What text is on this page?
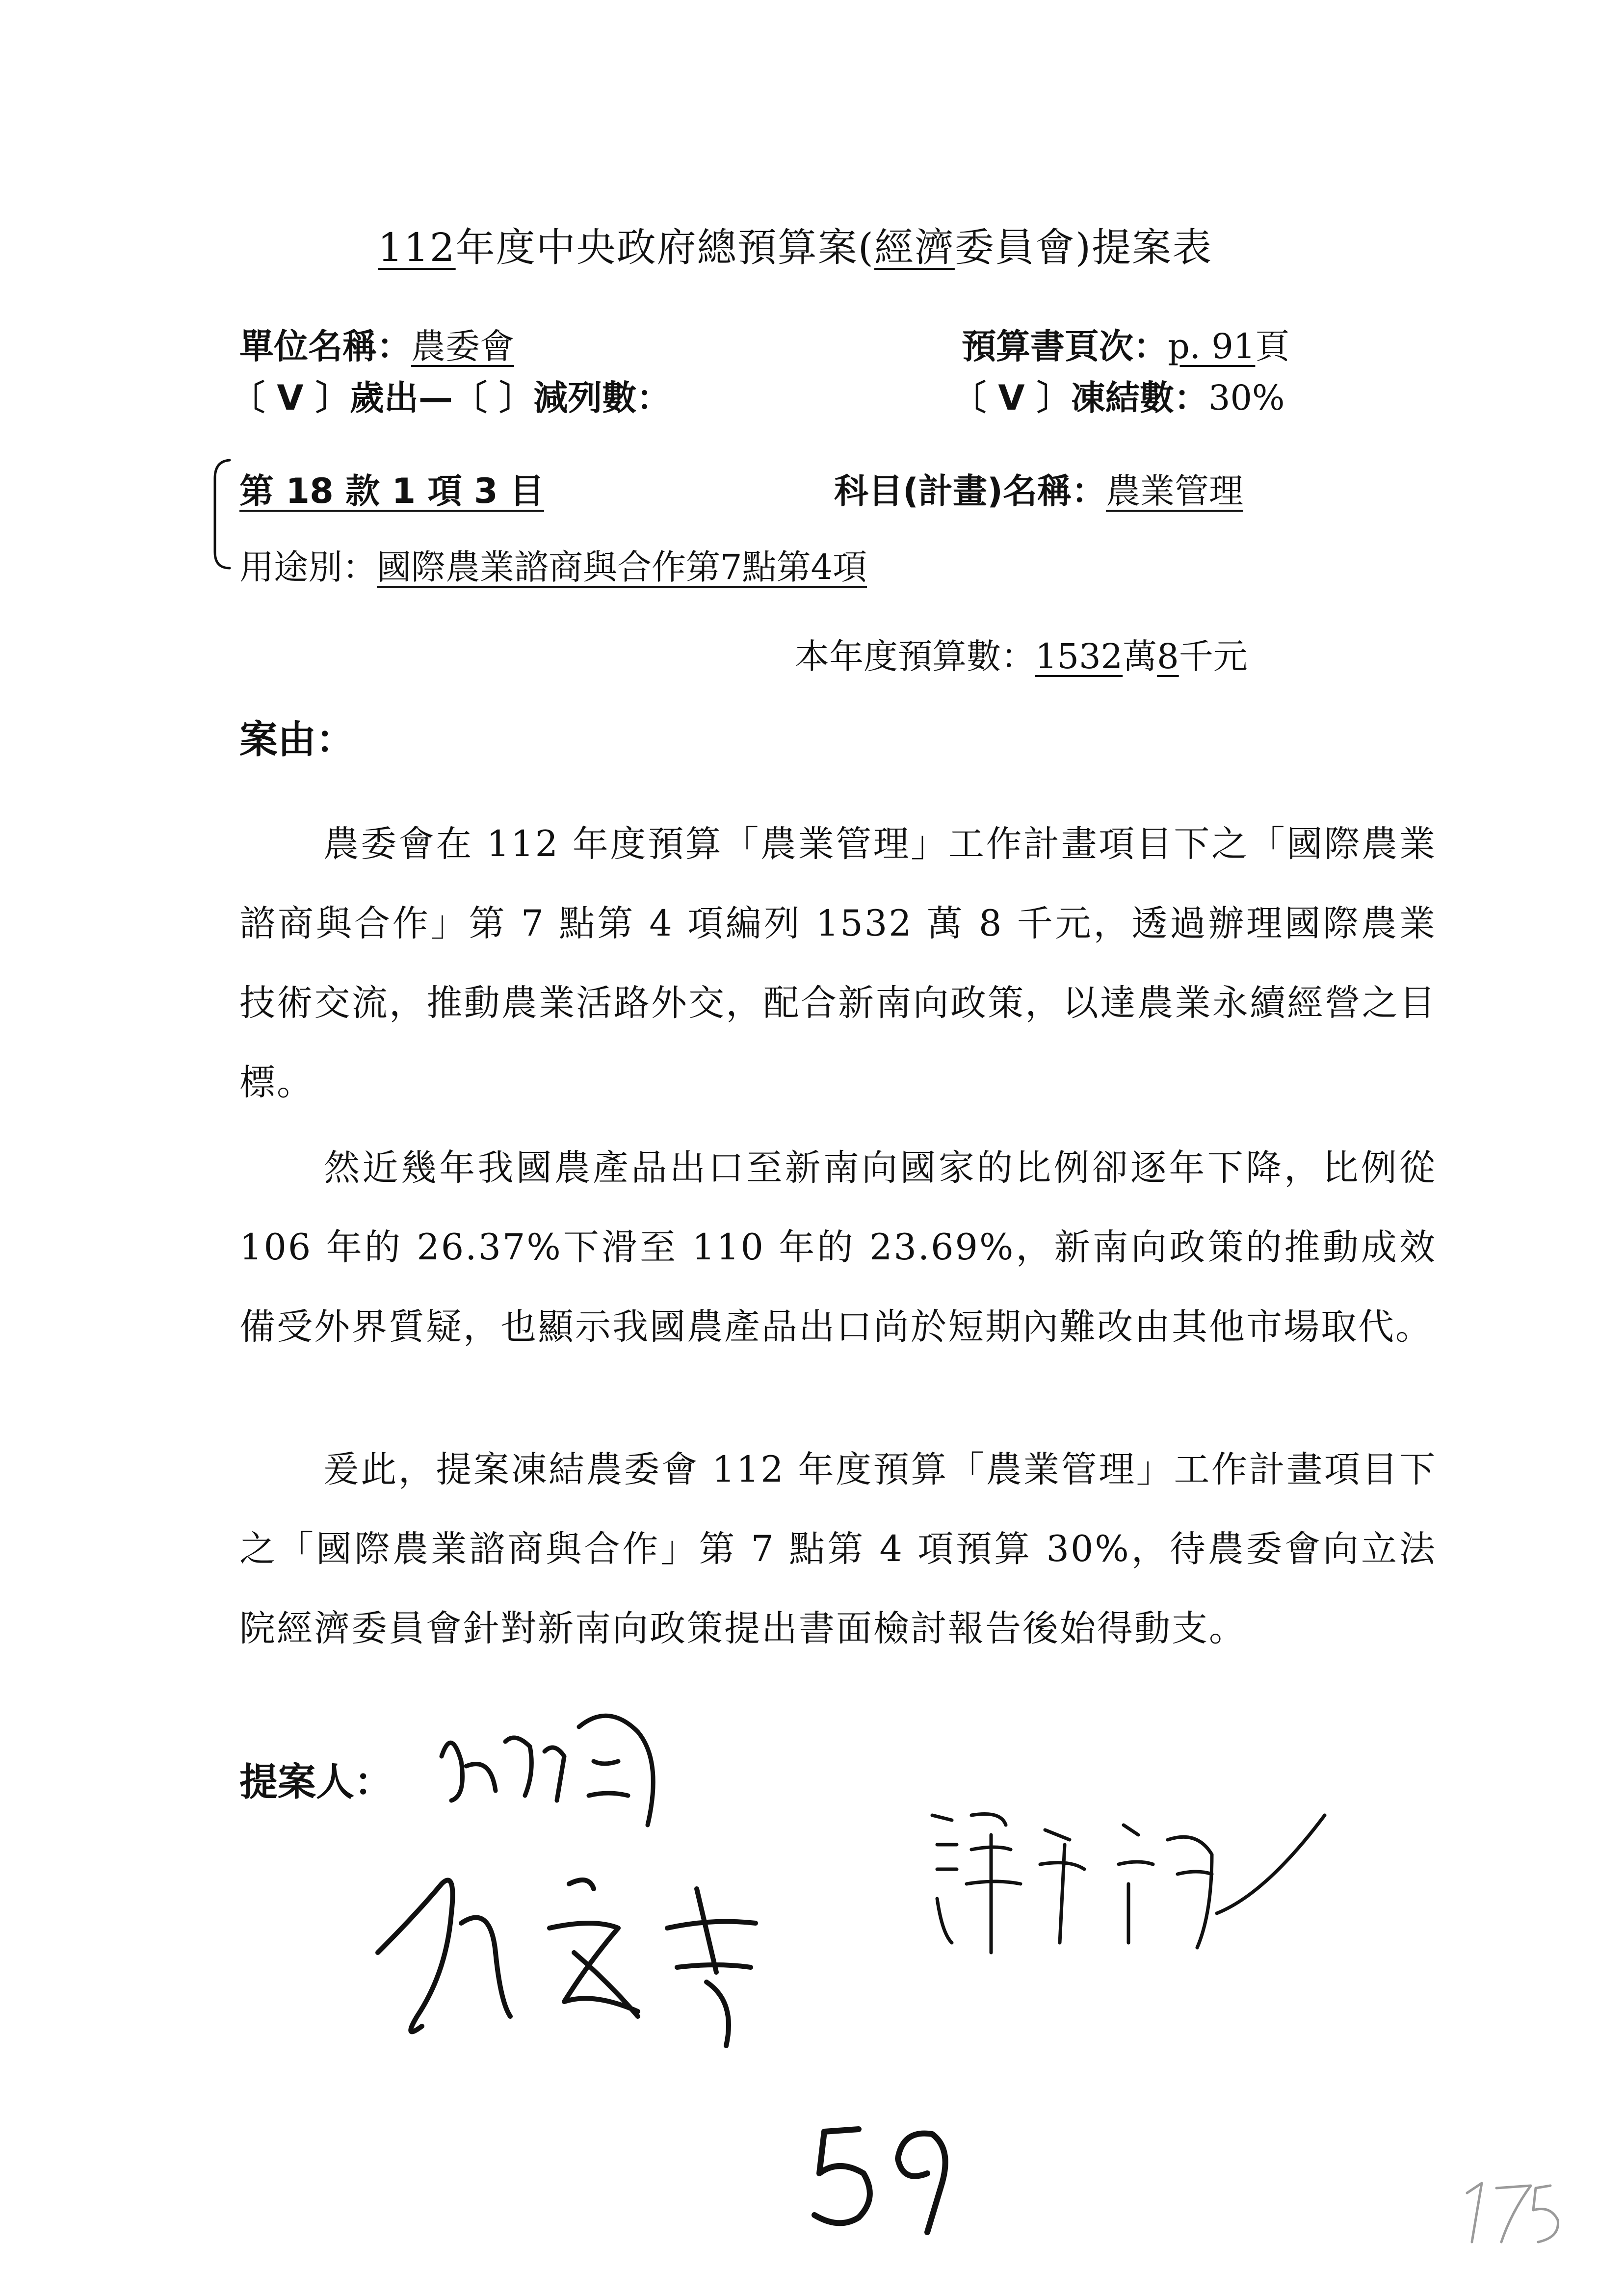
112年度中央政府總預算案(經濟委員會)提案表
單位名稱：農委會	預算書頁次：p. 91頁
〔 V 〕歲出—〔 〕減列數：	〔 V 〕凍結數：30%
第 18 款 1 項 3 目	科目(計畫)名稱：農業管理
用途別：國際農業諮商與合作第7點第4項
本年度預算數：1532萬8千元
案由：
農委會在 112 年度預算「農業管理」工作計畫項目下之「國際農業諮商與合作」第 7 點第 4 項編列 1532 萬 8 千元，透過辦理國際農業技術交流，推動農業活路外交，配合新南向政策，以達農業永續經營之目標。
然近幾年我國農產品出口至新南向國家的比例卻逐年下降，比例從 106 年的 26.37%下滑至 110 年的 23.69%，新南向政策的推動成效備受外界質疑，也顯示我國農產品出口尚於短期內難改由其他市場取代。
爰此，提案凍結農委會 112 年度預算「農業管理」工作計畫項目下之「國際農業諮商與合作」第 7 點第 4 項預算 30%，待農委會向立法院經濟委員會針對新南向政策提出書面檢討報告後始得動支。
提案人：
